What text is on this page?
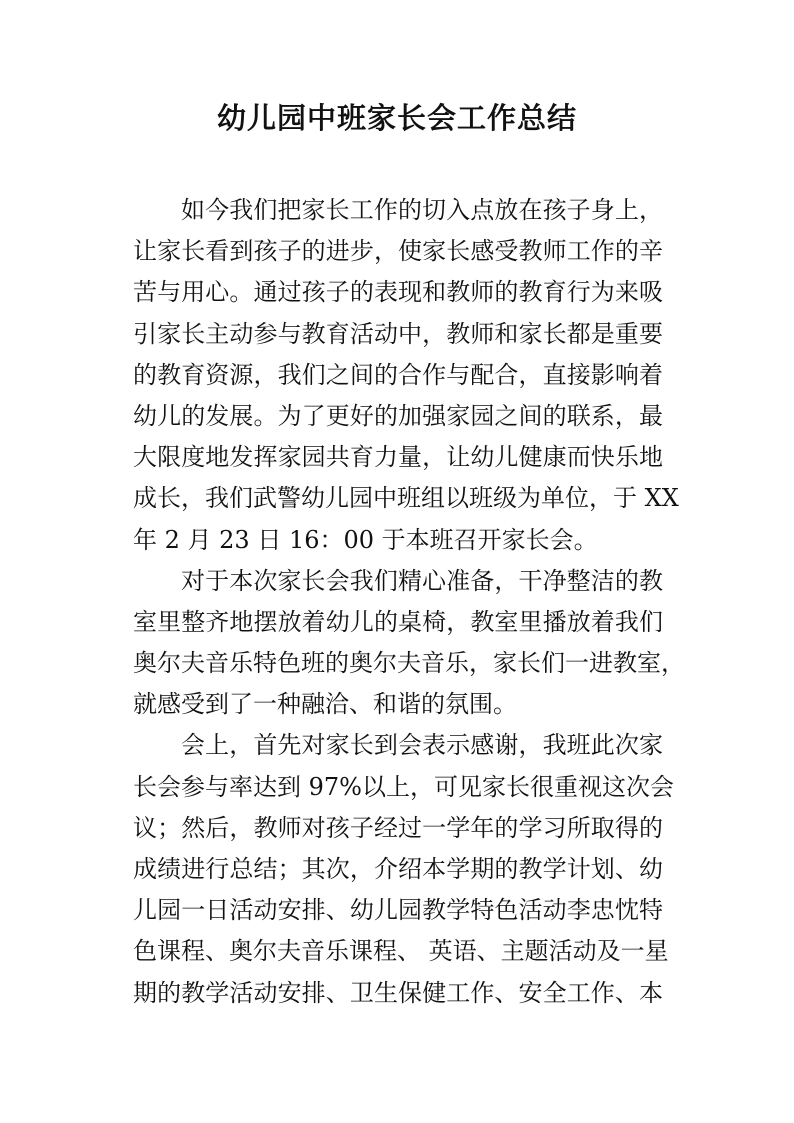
幼儿园中班家长会工作总结
如今我们把家长工作的切入点放在孩子身上，
让家长看到孩子的进步，使家长感受教师工作的辛
苦与用心。通过孩子的表现和教师的教育行为来吸
引家长主动参与教育活动中，教师和家长都是重要
的教育资源，我们之间的合作与配合，直接影响着
幼儿的发展。为了更好的加强家园之间的联系，最
大限度地发挥家园共育力量，让幼儿健康而快乐地
成长，我们武警幼儿园中班组以班级为单位，于 XX
年 2 月 23 日 16：00 于本班召开家长会。
对于本次家长会我们精心准备，干净整洁的教
室里整齐地摆放着幼儿的桌椅，教室里播放着我们
奥尔夫音乐特色班的奥尔夫音乐，家长们一进教室，
就感受到了一种融洽、和谐的氛围。
会上，首先对家长到会表示感谢，我班此次家
长会参与率达到 97%以上，可见家长很重视这次会
议；然后，教师对孩子经过一学年的学习所取得的
成绩进行总结；其次，介绍本学期的教学计划、幼
儿园一日活动安排、幼儿园教学特色活动李忠忱特
色课程、奥尔夫音乐课程、 英语、主题活动及一星
期的教学活动安排、卫生保健工作、安全工作、本
